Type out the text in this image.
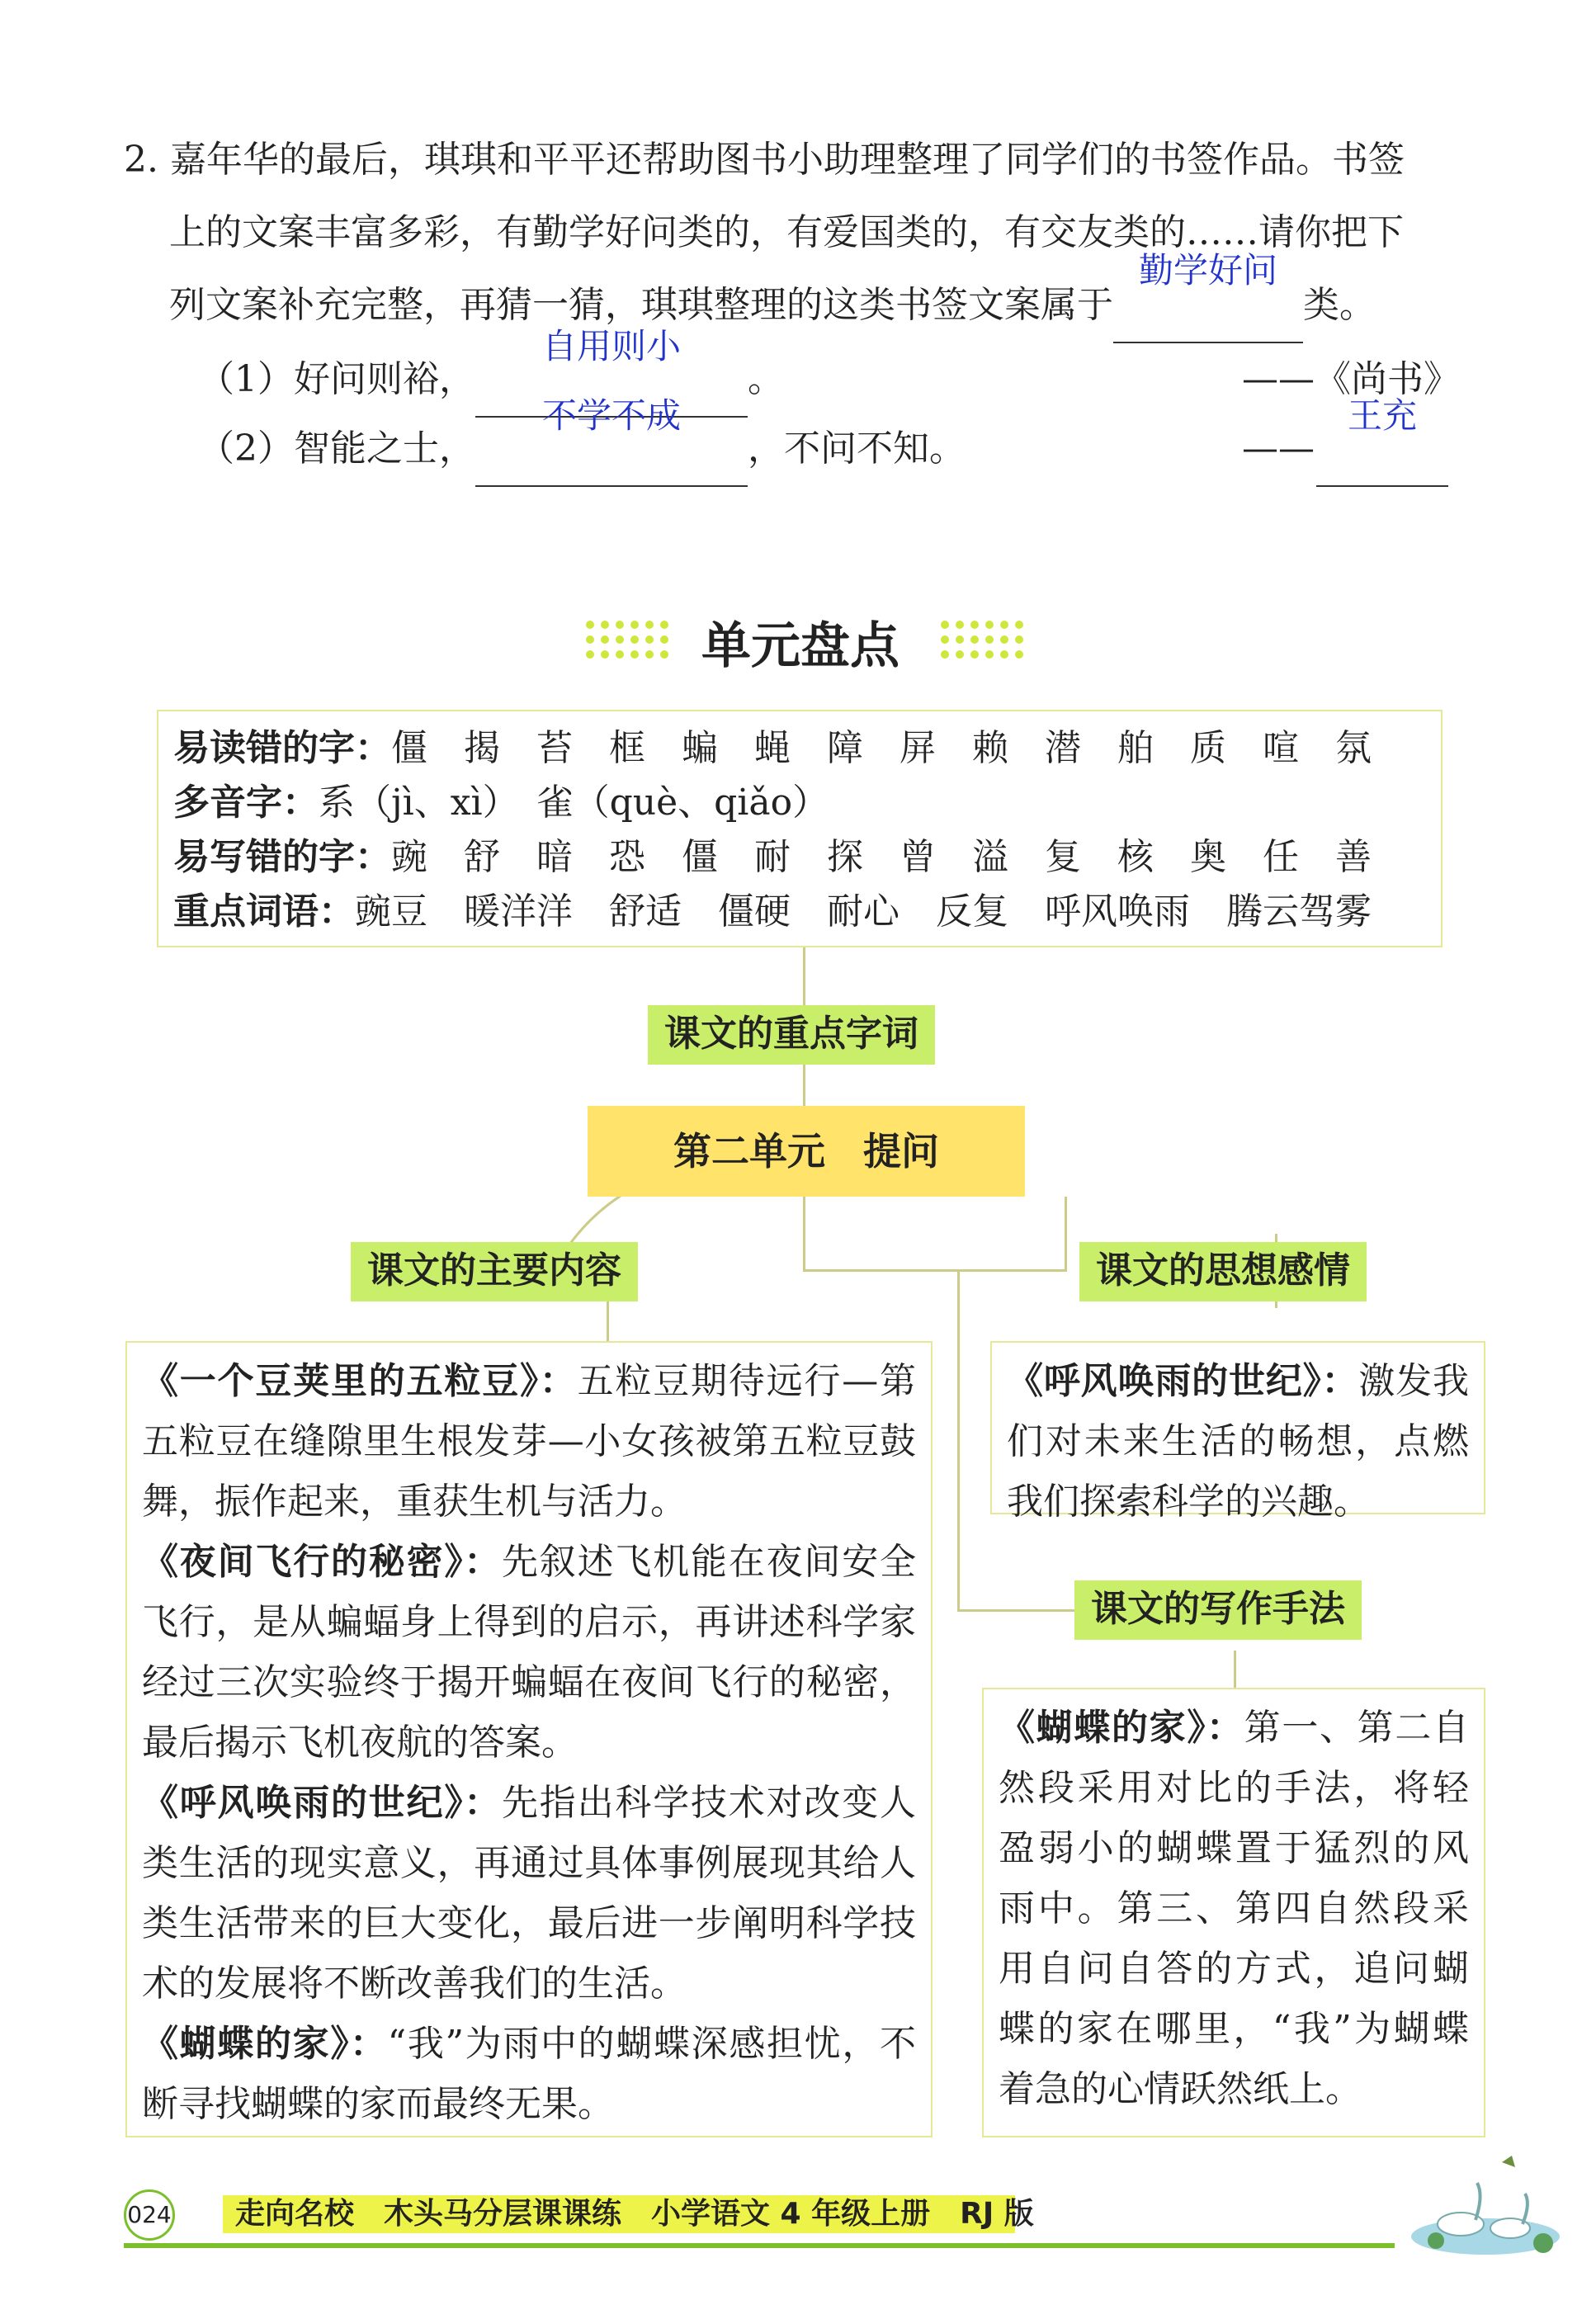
2. 嘉年华的最后，琪琪和平平还帮助图书小助理整理了同学们的书签作品。书签
上的文案丰富多彩，有勤学好问类的，有爱国类的，有交友类的……请你把下
列文案补充完整，再猜一猜，琪琪整理的这类书签文案属于
勤学好问
类。
（1）好问则裕，
自用则小
。	——《尚书》
（2）智能之士，
不学不成
，不问不知。	——
王充

单元盘点
易读错的字：僵　揭　苔　框　蝙　蝇　障　屏　赖　潜　舶　质　喧　氛
多音字：系（jì、xì）　雀（què、qiǎo）
易写错的字：豌　舒　暗　恐　僵　耐　探　曾　溢　复　核　奥　任　善
重点词语：豌豆　暖洋洋　舒适　僵硬　耐心　反复　呼风唤雨　腾云驾雾
课文的重点字词
第二单元　提问
课文的主要内容	课文的思想感情
课文的写作手法
《一个豆荚里的五粒豆》：五粒豆期待远行—第五粒豆在缝隙里生根发芽—小女孩被第五粒豆鼓舞，振作起来，重获生机与活力。
《夜间飞行的秘密》：先叙述飞机能在夜间安全飞行，是从蝙蝠身上得到的启示，再讲述科学家经过三次实验终于揭开蝙蝠在夜间飞行的秘密，最后揭示飞机夜航的答案。
《呼风唤雨的世纪》：先指出科学技术对改变人类生活的现实意义，再通过具体事例展现其给人类生活带来的巨大变化，最后进一步阐明科学技术的发展将不断改善我们的生活。
《蝴蝶的家》：“我”为雨中的蝴蝶深感担忧，不断寻找蝴蝶的家而最终无果。
《呼风唤雨的世纪》：激发我们对未来生活的畅想，点燃我们探索科学的兴趣。
《蝴蝶的家》：第一、第二自然段采用对比的手法，将轻盈弱小的蝴蝶置于猛烈的风雨中。第三、第四自然段采用自问自答的方式，追问蝴蝶的家在哪里，“我”为蝴蝶着急的心情跃然纸上。
024 走向名校　木头马分层课课练　小学语文 4 年级上册　RJ 版
